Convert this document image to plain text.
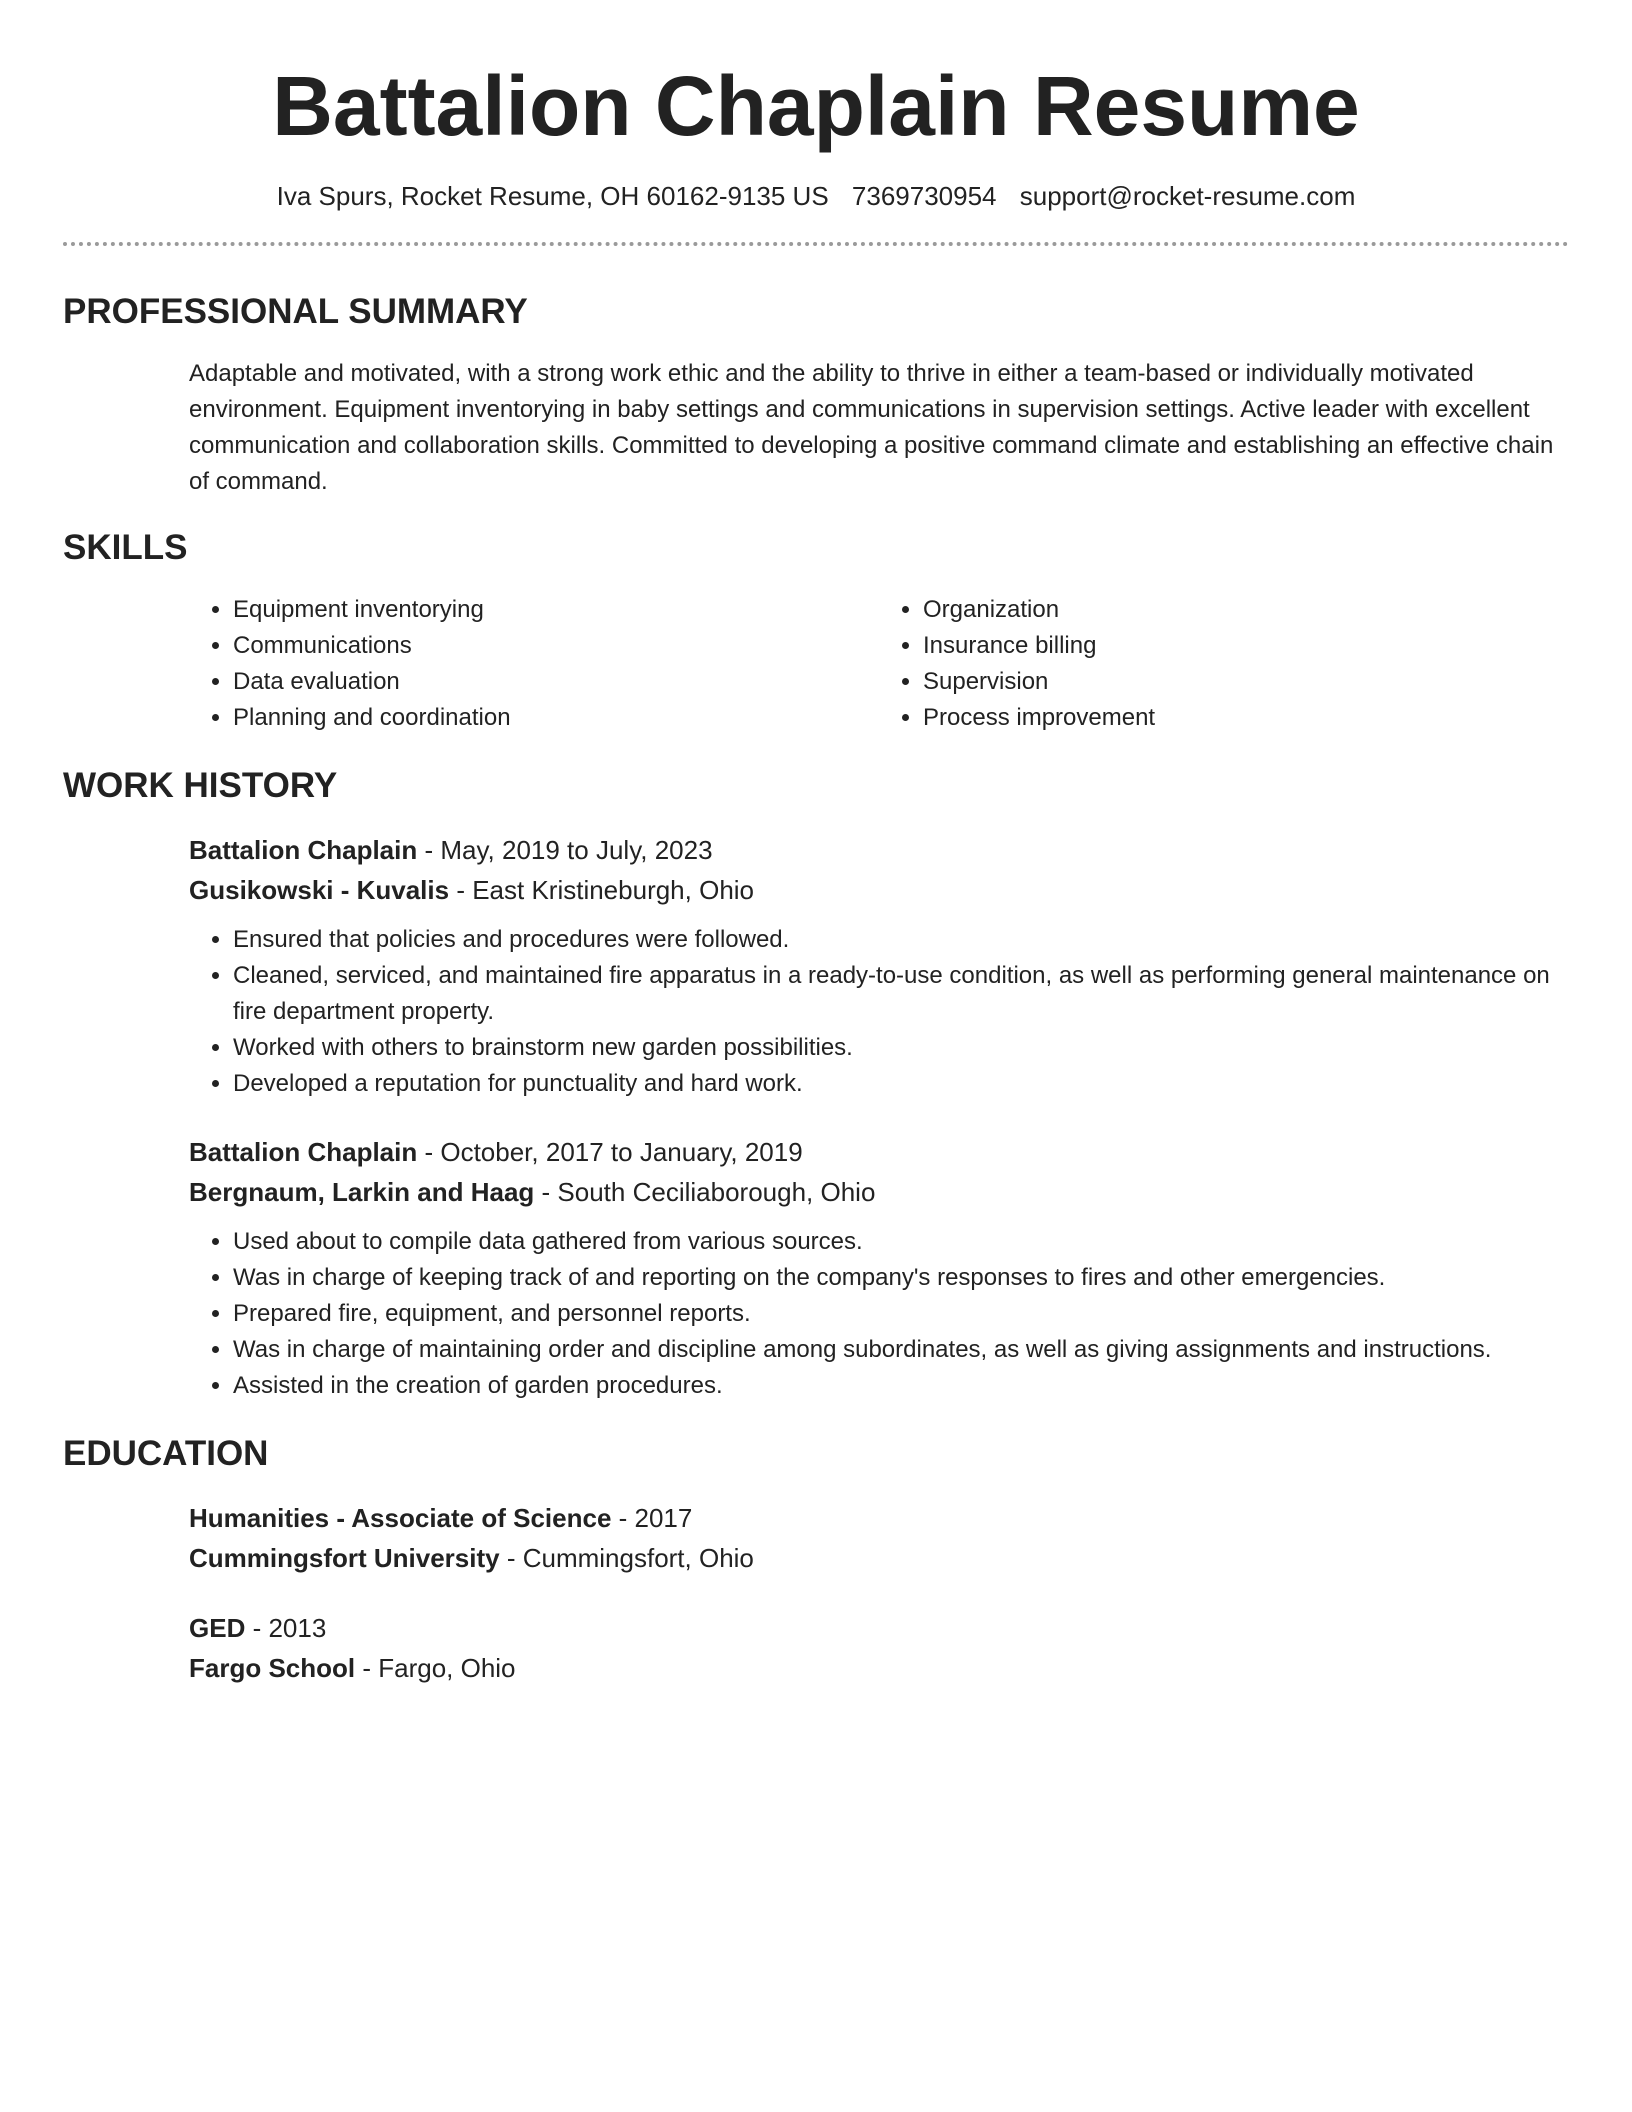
Battalion Chaplain Resume
Iva Spurs, Rocket Resume, OH 60162-9135 US 7369730954 support@rocket-resume.com
PROFESSIONAL SUMMARY

Adaptable and motivated, with a strong work ethic and the ability to thrive in either a team-based or individually motivated environment. Equipment inventorying in baby settings and communications in supervision settings. Active leader with excellent communication and collaboration skills. Committed to developing a positive command climate and establishing an effective chain of command.

SKILLS
• Equipment inventorying
• Communications
• Data evaluation
• Planning and coordination
• Organization
• Insurance billing
• Supervision
• Process improvement
WORK HISTORY

Battalion Chaplain - May, 2019 to July, 2023

Gusikowski - Kuvalis - East Kristineburgh, Ohio

• Ensured that policies and procedures were followed.
• Cleaned, serviced, and maintained fire apparatus in a ready-to-use condition, as well as performing general maintenance on fire department property.
• Worked with others to brainstorm new garden possibilities.
• Developed a reputation for punctuality and hard work.

Battalion Chaplain - October, 2017 to January, 2019

Bergnaum, Larkin and Haag - South Ceciliaborough, Ohio

• Used about to compile data gathered from various sources.
• Was in charge of keeping track of and reporting on the company's responses to fires and other emergencies.
• Prepared fire, equipment, and personnel reports.
• Was in charge of maintaining order and discipline among subordinates, as well as giving assignments and instructions.
• Assisted in the creation of garden procedures.
EDUCATION

Humanities - Associate of Science - 2017

Cummingsfort University - Cummingsfort, Ohio

GED - 2013

Fargo School - Fargo, Ohio
